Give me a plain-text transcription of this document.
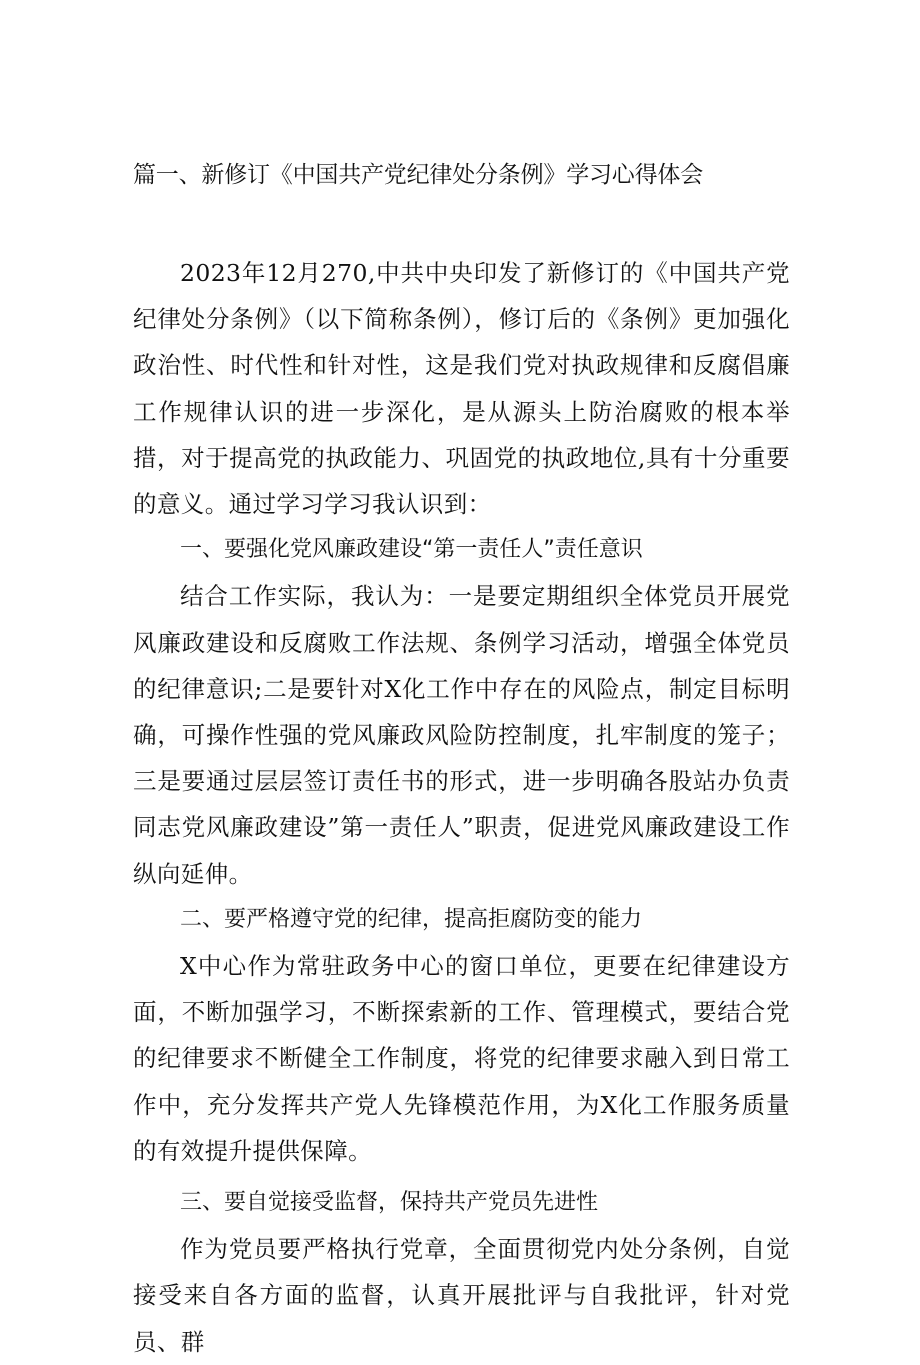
篇一、新修订《中国共产党纪律处分条例》学习心得体会

2023年12月270,中共中央印发了新修订的《中国共产党纪律处分条例》（以下简称条例），修订后的《条例》更加强化政治性、时代性和针对性，这是我们党对执政规律和反腐倡廉工作规律认识的进一步深化，是从源头上防治腐败的根本举措，对于提高党的执政能力、巩固党的执政地位,具有十分重要的意义。通过学习学习我认识到：

一、要强化党风廉政建设“第一责任人”责任意识

结合工作实际，我认为：一是要定期组织全体党员开展党风廉政建设和反腐败工作法规、条例学习活动，增强全体党员的纪律意识;二是要针对X化工作中存在的风险点，制定目标明确，可操作性强的党风廉政风险防控制度，扎牢制度的笼子；三是要通过层层签订责任书的形式，进一步明确各股站办负责同志党风廉政建设”第一责任人”职责，促进党风廉政建设工作纵向延伸。

二、要严格遵守党的纪律，提高拒腐防变的能力

X中心作为常驻政务中心的窗口单位，更要在纪律建设方面，不断加强学习，不断探索新的工作、管理模式，要结合党的纪律要求不断健全工作制度，将党的纪律要求融入到日常工作中，充分发挥共产党人先锋模范作用，为X化工作服务质量的有效提升提供保障。

三、要自觉接受监督，保持共产党员先进性

作为党员要严格执行党章，全面贯彻党内处分条例，自觉接受来自各方面的监督，认真开展批评与自我批评，针对党员、群
